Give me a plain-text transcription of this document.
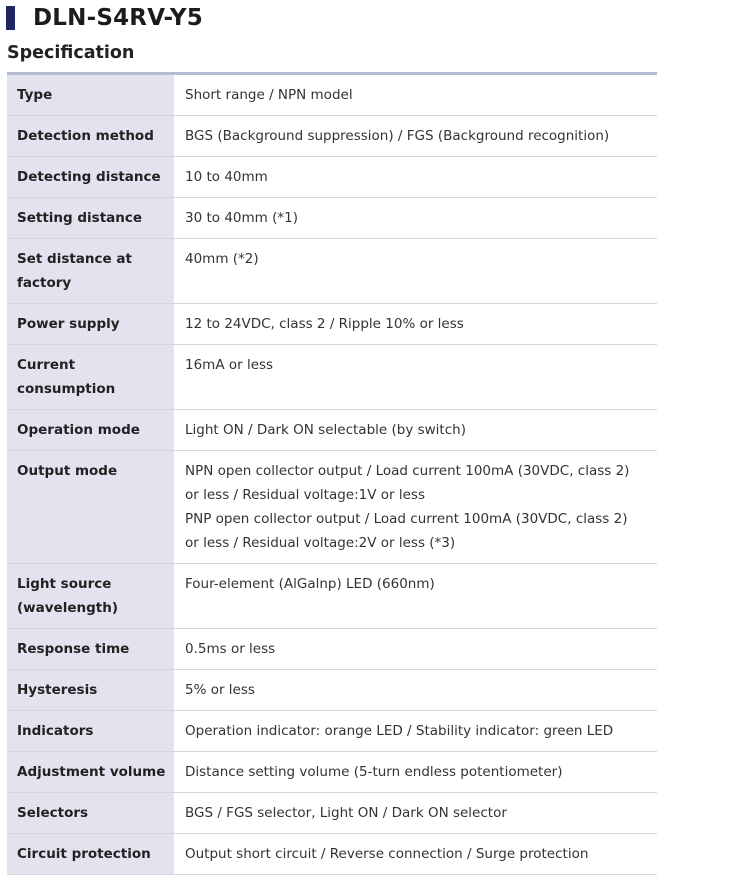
DLN-S4RV-Y5
Specification
Type	Short range / NPN model

Detection method	BGS (Background suppression) / FGS (Background recognition)

Detecting distance	10 to 40mm

Setting distance	30 to 40mm (*1)

Set distance at factory	40mm (*2)

Power supply	12 to 24VDC, class 2 / Ripple 10% or less

Current consumption	16mA or less

Operation mode	Light ON / Dark ON selectable (by switch)

Output mode	NPN open collector output / Load current 100mA (30VDC, class 2) or less / Residual voltage:1V or less
PNP open collector output / Load current 100mA (30VDC, class 2) or less / Residual voltage:2V or less (*3)

Light source (wavelength)	Four-element (AlGalnp) LED (660nm)

Response time	0.5ms or less

Hysteresis	5% or less

Indicators	Operation indicator: orange LED / Stability indicator: green LED

Adjustment volume	Distance setting volume (5-turn endless potentiometer)

Selectors	BGS / FGS selector, Light ON / Dark ON selector

Circuit protection	Output short circuit / Reverse connection / Surge protection
